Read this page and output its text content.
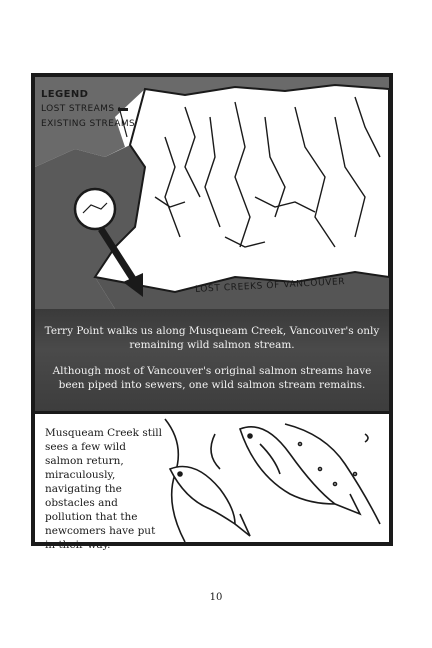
LEGEND
LOST STREAMS
EXISTING STREAMS
LOST CREEKS OF VANCOUVER
Terry Point walks us along Musqueam Creek, Vancouver's only remaining wild salmon stream.
Although most of Vancouver's original salmon streams have been piped into sewers, one wild salmon stream remains.
Musqueam Creek still sees a few wild salmon return, miraculously, navigating the obstacles and pollution that the newcomers have put in their way.
10
